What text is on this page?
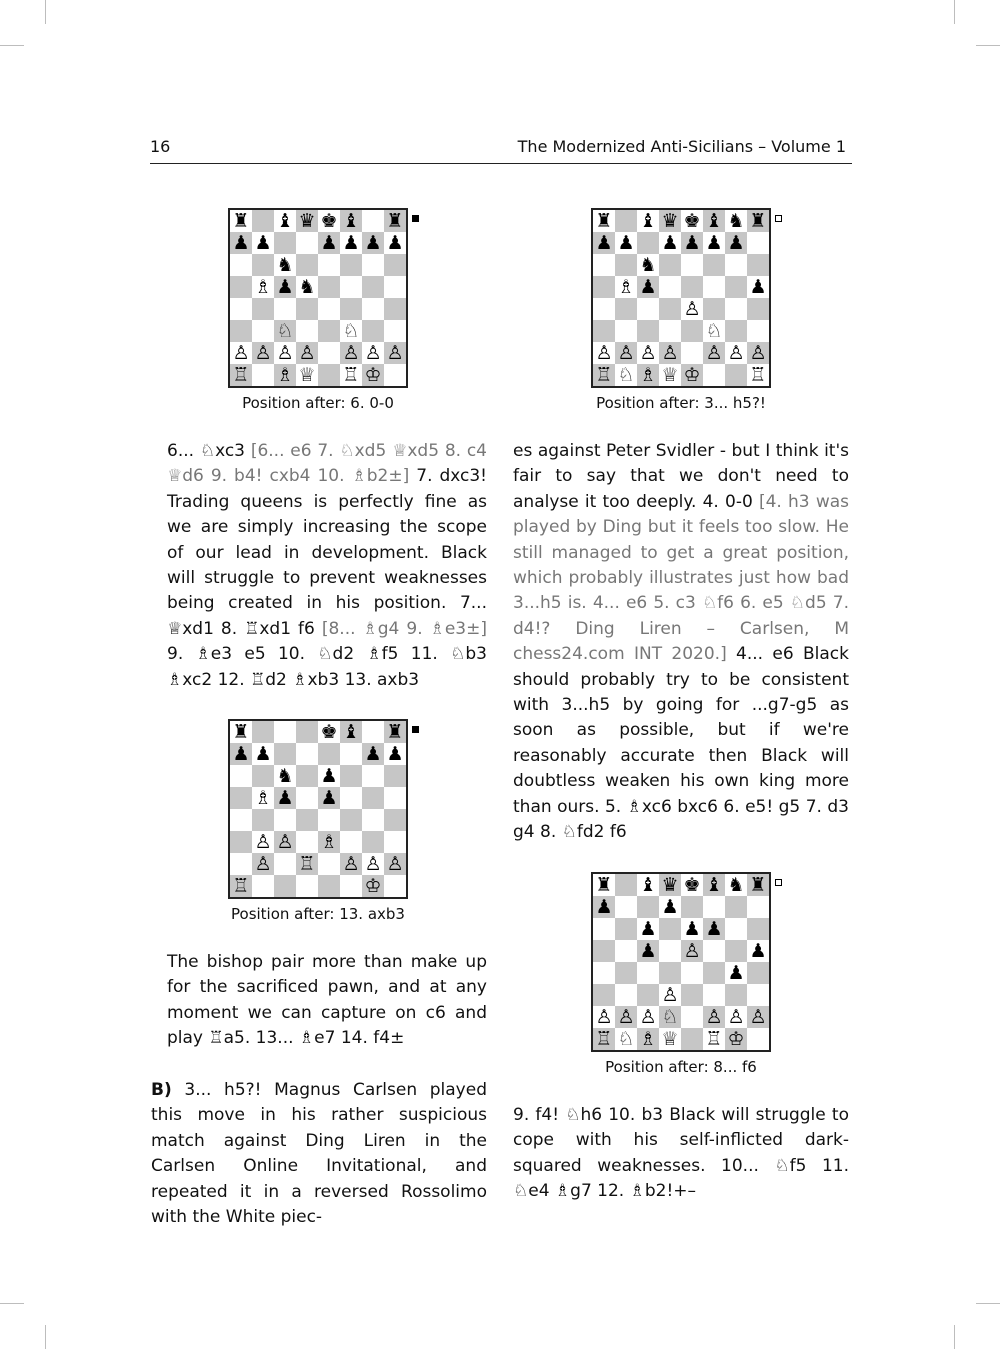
16	The Modernized Anti-Sicilians – Volume 1
♜ ♝ ♛ ♚ ♝ ♜
♟ ♟	♟ ♟ ♟ ♟
♞
♗ ♟ ♞
♘	♘
♙ ♙ ♙ ♙ ♙ ♙ ♙
♖ ♗ ♕ ♖ ♔
Position after: 6. 0-0
♜	♚ ♝ ♜
♟ ♟	♟ ♟
♞ ♟
♗ ♟ ♟
♙ ♙ ♗
♙ ♖ ♙ ♙ ♙
♖	♔
Position after: 13. axb3
♜ ♝ ♛ ♚ ♝ ♞ ♜
♟ ♟ ♟ ♟ ♟ ♟
♞
♗ ♟	♟
♙
♘
♙ ♙ ♙ ♙ ♙ ♙ ♙
♖ ♘ ♗ ♕ ♔	♖
Position after: 3... h5?!
♜ ♝ ♛ ♚ ♝ ♞ ♜
♟	♟
♟ ♟ ♟
♟ ♙	♟
♟
♙
♙ ♙ ♙ ♘ ♙ ♙ ♙
♖ ♘ ♗ ♕ ♖ ♔
Position after: 8... f6

6... ♘xc3 [6... e6 7. ♘xd5 ♕xd5 8. c4 ♕d6 9. b4! cxb4 10. ♗b2±] 7. dxc3! Trading queens is perfectly fine as we are simply increasing the scope of our lead in development. Black will struggle to prevent weaknesses being created in his position. 7... ♕xd1 8. ♖xd1 f6 [8... ♗g4 9. ♗e3±] 9. ♗e3 e5 10. ♘d2 ♗f5 11. ♘b3 ♗xc2 12. ♖d2 ♗xb3 13. axb3

The bishop pair more than make up for the sacrificed pawn, and at any moment we can capture on c6 and play ♖a5. 13... ♗e7 14. f4±

B) 3... h5?! Magnus Carlsen played this move in his rather suspicious match against Ding Liren in the Carlsen Online Invitational, and repeated it in a reversed Rossolimo with the White piec-

es against Peter Svidler - but I think it's fair to say that we don't need to analyse it too deeply. 4. 0-0 [4. h3 was played by Ding but it feels too slow. He still managed to get a great position, which probably illustrates just how bad 3...h5 is. 4... e6 5. c3 ♘f6 6. e5 ♘d5 7. d4!? Ding Liren – Carlsen, M chess24.com INT 2020.] 4... e6 Black should probably try to be consistent with 3...h5 by going for ...g7-g5 as soon as possible, but if we're reasonably accurate then Black will doubtless weaken his own king more than ours. 5. ♗xc6 bxc6 6. e5! g5 7. d3 g4 8. ♘fd2 f6

9. f4! ♘h6 10. b3 Black will struggle to cope with his self-inflicted dark-squared weaknesses. 10... ♘f5 11. ♘e4 ♗g7 12. ♗b2!+–
